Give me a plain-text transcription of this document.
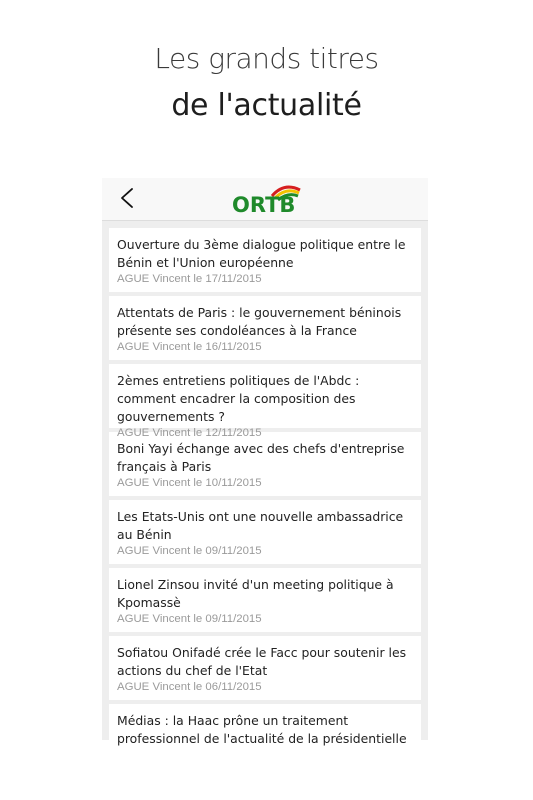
Les grands titres
de l'actualité
ORTB
Ouverture du 3ème dialogue politique entre le Bénin et l'Union européenne
AGUE Vincent le 17/11/2015
Attentats de Paris : le gouvernement béninois présente ses condoléances à la France
AGUE Vincent le 16/11/2015
2èmes entretiens politiques de l'Abdc : comment encadrer la composition des gouvernements ?
AGUE Vincent le 12/11/2015
Boni Yayi échange avec des chefs d'entreprise français à Paris
AGUE Vincent le 10/11/2015
Les Etats-Unis ont une nouvelle ambassadrice au Bénin
AGUE Vincent le 09/11/2015
Lionel Zinsou invité d'un meeting politique à Kpomassè
AGUE Vincent le 09/11/2015
Sofiatou Onifadé crée le Facc pour soutenir les actions du chef de l'Etat
AGUE Vincent le 06/11/2015
Médias : la Haac prône un traitement professionnel de l'actualité de la présidentielle
